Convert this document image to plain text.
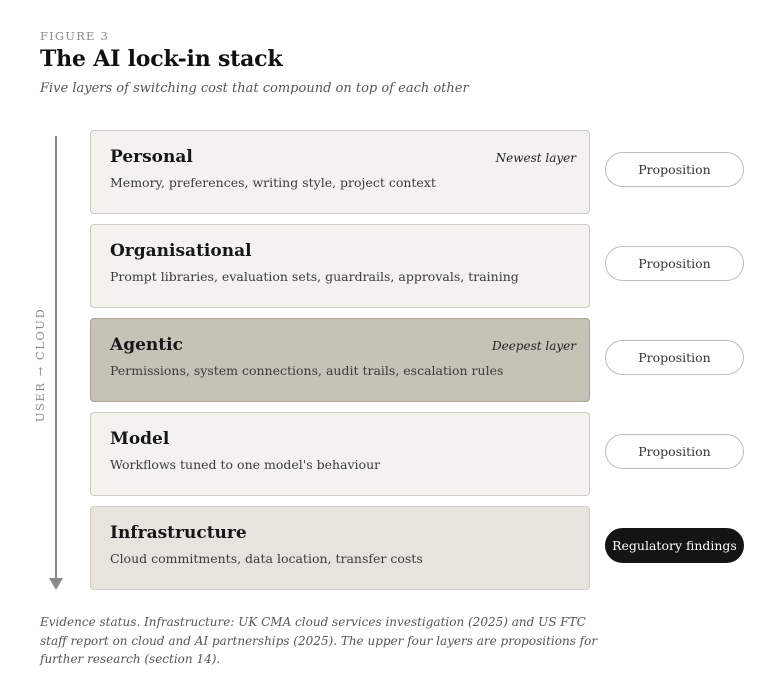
FIGURE 3
The AI lock-in stack
Five layers of switching cost that compound on top of each other
USER → CLOUD
Personal
Memory, preferences, writing style, project context
Newest layer
Proposition
Organisational
Prompt libraries, evaluation sets, guardrails, approvals, training
Proposition
Agentic
Permissions, system connections, audit trails, escalation rules
Deepest layer
Proposition
Model
Workflows tuned to one model's behaviour
Proposition
Infrastructure
Cloud commitments, data location, transfer costs
Regulatory findings
Evidence status. Infrastructure: UK CMA cloud services investigation (2025) and US FTC staff report on cloud and AI partnerships (2025). The upper four layers are propositions for further research (section 14).
